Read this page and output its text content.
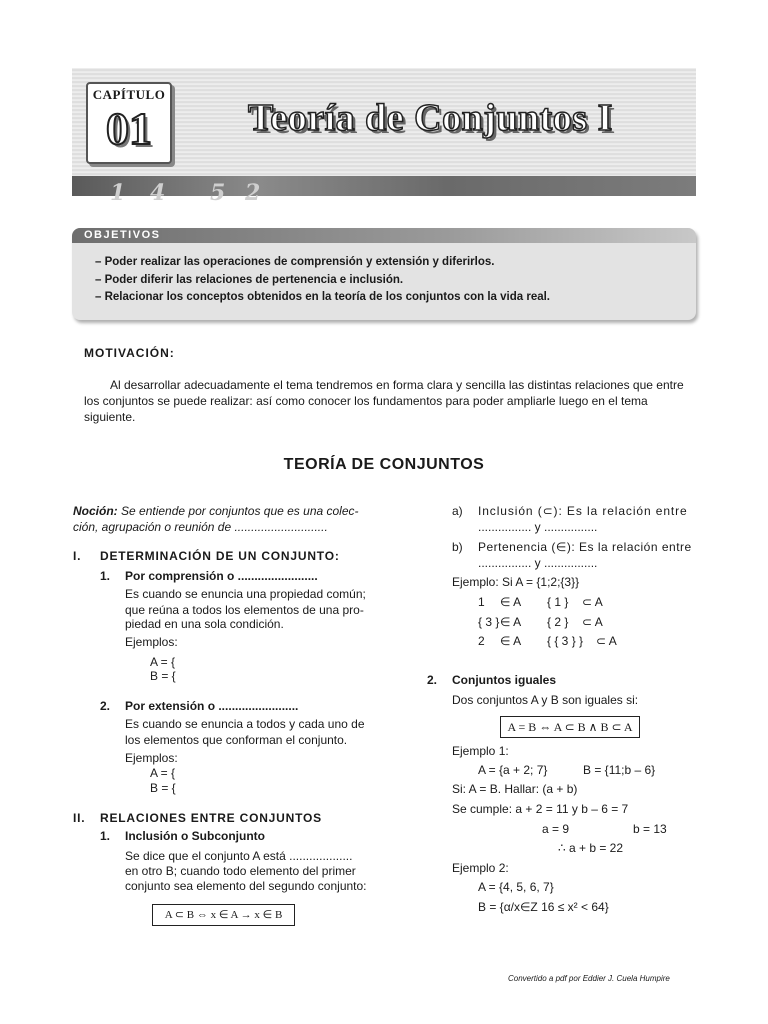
1 4 5 2
CAPÍTULO
01	Teoría de Conjuntos I
OBJETIVOS
– Poder realizar las operaciones de comprensión y extensión y diferirlos.
– Poder diferir las relaciones de pertenencia e inclusión.
– Relacionar los conceptos obtenidos en la teoría de los conjuntos con la vida real.
MOTIVACIÓN:
Al desarrollar adecuadamente el tema tendremos en forma clara y sencilla las distintas relaciones que entre
los conjuntos se puede realizar: así como conocer los fundamentos para poder ampliarle luego en el tema
siguiente.
TEORÍA DE CONJUNTOS
Noción: Se entiende por conjuntos que es una colec-
ción, agrupación o reunión de ............................
I. DETERMINACIÓN DE UN CONJUNTO:
1. Por comprensión o ........................
Es cuando se enuncia una propiedad común;
que reúna a todos los elementos de una pro-
piedad en una sola condición.
Ejemplos:
A = {
B = {
2. Por extensión o ........................
Es cuando se enuncia a todos y cada uno de
los elementos que conforman el conjunto.
Ejemplos:
A = {
B = {
II. RELACIONES ENTRE CONJUNTOS
1. Inclusión o Subconjunto
Se dice que el conjunto A está ...................
en otro B; cuando todo elemento del primer
conjunto sea elemento del segundo conjunto:
A ⊂ B ⇔ x ∈ A → x ∈ B
a) Inclusión (⊂): Es la relación entre
................ y ................
b) Pertenencia (∈): Es la relación entre
................ y ................
Ejemplo: Si A = {1;2;{3}}
1 ∈ A { 1 } ⊂ A
{ 3 } ∈ A { 2 } ⊂ A
2 ∈ A { { 3 } } ⊂ A
2. Conjuntos iguales
Dos conjuntos A y B son iguales si:
A = B ⇔ A ⊂ B ∧ B ⊂ A
Ejemplo 1:
A = {a + 2; 7}	B = {11;b – 6}
Si: A = B. Hallar: (a + b)
Se cumple: a + 2 = 11 y b – 6 = 7
a = 9	b = 13
∴ a + b = 22
Ejemplo 2:
A = {4, 5, 6, 7}
B = {α/x∈Z 16 ≤ x² < 64}
Convertido a pdf por Eddier J. Cuela Humpire
